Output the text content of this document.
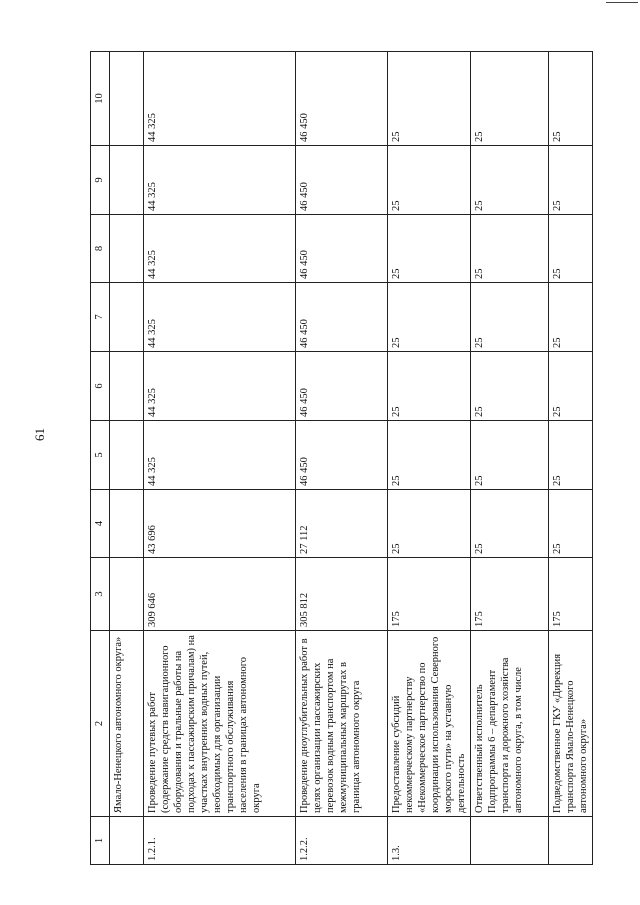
61
1	2	3	4	5	6	7	8	9	10
	Ямало-Ненецкого автономного округа»								
1.2.1.	Проведение путевых работ (содержание средств навигационного оборудования и тральные работы на подходах к пассажирским причалам) на участках внутренних водных путей, необходимых для организации транспортного обслуживания населения в границах автономного округа	309 646	43 696	44 325	44 325	44 325	44 325	44 325	44 325
1.2.2.	Проведение дноуглубительных работ в целях организации пассажирских перевозок водным транспортом на межмуниципальных маршрутах в границах автономного округа	305 812	27 112	46 450	46 450	46 450	46 450	46 450	46 450
1.3.	Предоставление субсидий некоммерческому партнерству «Некоммерческое партнерство по координации использования Северного морского пути» на уставную деятельность	175	25	25	25	25	25	25	25
	Ответственный исполнитель Подпрограммы 6 – департамент транспорта и дорожного хозяйства автономного округа, в том числе	175	25	25	25	25	25	25	25
	Подведомственное ГКУ «Дирекция транспорта Ямало-Ненецкого автономного округа»	175	25	25	25	25	25	25	25
